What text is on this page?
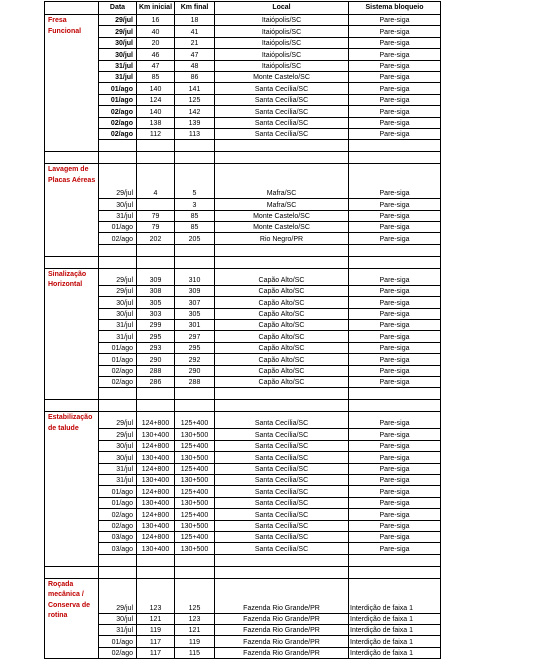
	Data	Km inicial	Km final	Local	Sistema bloqueio
Fresa Funcional	29/jul	16	18	Itaiópolis/SC	Pare-siga
	29/jul	40	41	Itaiópolis/SC	Pare-siga
	30/jul	20	21	Itaiópolis/SC	Pare-siga
	30/jul	46	47	Itaiópolis/SC	Pare-siga
	31/jul	47	48	Itaiópolis/SC	Pare-siga
	31/jul	85	86	Monte Castelo/SC	Pare-siga
	01/ago	140	141	Santa Cecília/SC	Pare-siga
	01/ago	124	125	Santa Cecília/SC	Pare-siga
	02/ago	140	142	Santa Cecília/SC	Pare-siga
	02/ago	138	139	Santa Cecília/SC	Pare-siga
	02/ago	112	113	Santa Cecília/SC	Pare-siga

Lavagem de Placas Aéreas	29/jul	4	5	Mafra/SC	Pare-siga
	30/jul		3	Mafra/SC	Pare-siga
	31/jul	79	85	Monte Castelo/SC	Pare-siga
	01/ago	79	85	Monte Castelo/SC	Pare-siga
	02/ago	202	205	Rio Negro/PR	Pare-siga

Sinalização Horizontal	29/jul	309	310	Capão Alto/SC	Pare-siga
	29/jul	308	309	Capão Alto/SC	Pare-siga
	30/jul	305	307	Capão Alto/SC	Pare-siga
	30/jul	303	305	Capão Alto/SC	Pare-siga
	31/jul	299	301	Capão Alto/SC	Pare-siga
	31/jul	295	297	Capão Alto/SC	Pare-siga
	01/ago	293	295	Capão Alto/SC	Pare-siga
	01/ago	290	292	Capão Alto/SC	Pare-siga
	02/ago	288	290	Capão Alto/SC	Pare-siga
	02/ago	286	288	Capão Alto/SC	Pare-siga

Estabilização de talude	29/jul	124+800	125+400	Santa Cecília/SC	Pare-siga
	29/jul	130+400	130+500	Santa Cecília/SC	Pare-siga
	30/jul	124+800	125+400	Santa Cecília/SC	Pare-siga
	30/jul	130+400	130+500	Santa Cecília/SC	Pare-siga
	31/jul	124+800	125+400	Santa Cecília/SC	Pare-siga
	31/jul	130+400	130+500	Santa Cecília/SC	Pare-siga
	01/ago	124+800	125+400	Santa Cecília/SC	Pare-siga
	01/ago	130+400	130+500	Santa Cecília/SC	Pare-siga
	02/ago	124+800	125+400	Santa Cecília/SC	Pare-siga
	02/ago	130+400	130+500	Santa Cecília/SC	Pare-siga
	03/ago	124+800	125+400	Santa Cecília/SC	Pare-siga
	03/ago	130+400	130+500	Santa Cecília/SC	Pare-siga

Roçada mecânica / Conserva de rotina	29/jul	123	125	Fazenda Rio Grande/PR	Interdição de faixa 1
	30/jul	121	123	Fazenda Rio Grande/PR	Interdição de faixa 1
	31/jul	119	121	Fazenda Rio Grande/PR	Interdição de faixa 1
	01/ago	117	119	Fazenda Rio Grande/PR	Interdição de faixa 1
	02/ago	117	115	Fazenda Rio Grande/PR	Interdição de faixa 1
